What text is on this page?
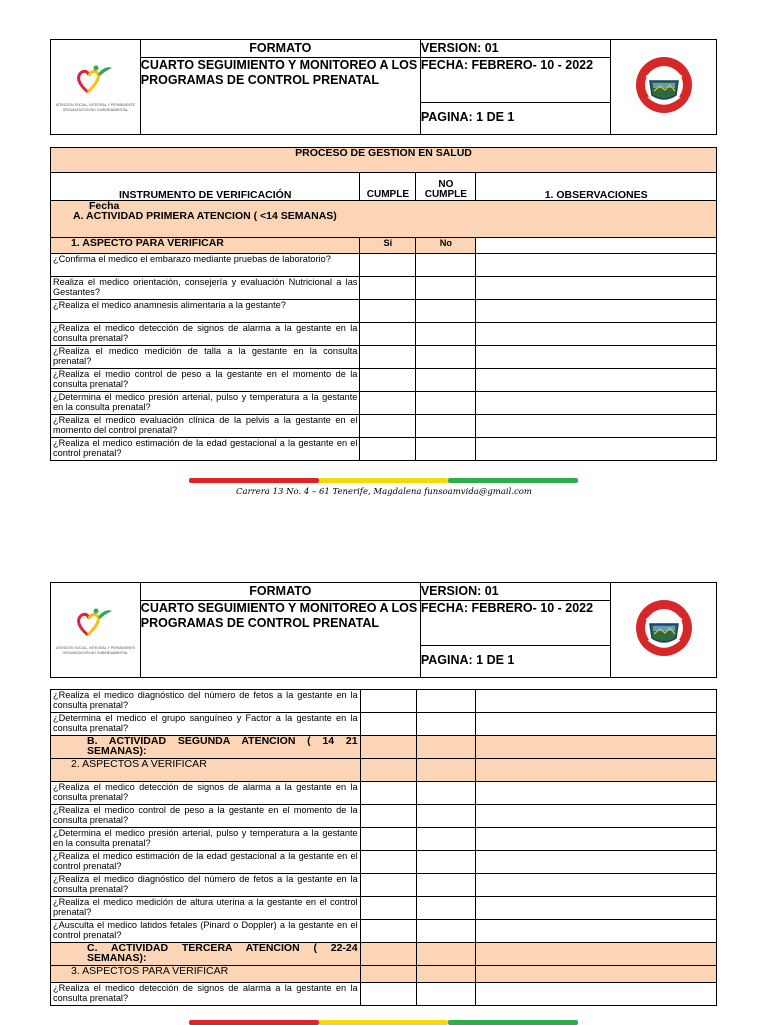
ATENCION SOCIAL, INTEGRAL Y PERMANENTE
ORGANIZACION NO GUBERNAMENTAL	FORMATO	VERSION: 01	
	CUARTO SEGUIMIENTO Y MONITOREO A LOS PROGRAMAS DE CONTROL PRENATAL	FECHA: FEBRERO- 10 - 2022	
		PAGINA: 1 DE 1	
PROCESO DE GESTION EN SALUD			
INSTRUMENTO DE VERIFICACIÓN	CUMPLE	NO CUMPLE	1. OBSERVACIONES

Fecha
A. ACTIVIDAD PRIMERA ATENCION ( <14 SEMANAS)			

1. ASPECTO PARA VERIFICAR	Si	No	
¿Confirma el medico el embarazo mediante pruebas de laboratorio?			
Realiza el medico orientación, consejería y evaluación Nutricional a las Gestantes?			
¿Realiza el medico anamnesis alimentaria a la gestante?			
¿Realiza el medico detección de signos de alarma a la gestante en la consulta prenatal?			
¿Realiza el medico medición de talla a la gestante en la consulta prenatal?			
¿Realiza el medio control de peso a la gestante en el momento de la consulta prenatal?			
¿Determina el medico presión arterial, pulso y temperatura a la gestante en la consulta prenatal?			
¿Realiza el medico evaluación clínica de la pelvis a la gestante en el momento del control prenatal?			
¿Realiza el medico estimación de la edad gestacional a la gestante en el control prenatal?			
Carrera 13 No. 4 – 61 Tenerife, Magdalena funsoamvida@gmail.com
ATENCION SOCIAL, INTEGRAL Y PERMANENTE
ORGANIZACION NO GUBERNAMENTAL	FORMATO	VERSION: 01	
	CUARTO SEGUIMIENTO Y MONITOREO A LOS PROGRAMAS DE CONTROL PRENATAL	FECHA: FEBRERO- 10 - 2022	
		PAGINA: 1 DE 1	
¿Realiza el medico diagnóstico del número de fetos a la gestante en la consulta prenatal?			
¿Determina el medico el grupo sanguíneo y Factor a la gestante en la consulta prenatal?			
B. ACTIVIDAD SEGUNDA ATENCION ( 14 21 SEMANAS):			
2. ASPECTOS A VERIFICAR			
¿Realiza el medico detección de signos de alarma a la gestante en la consulta prenatal?			
¿Realiza el medico control de peso a la gestante en el momento de la consulta prenatal?			
¿Determina el medico presión arterial, pulso y temperatura a la gestante en la consulta prenatal?			
¿Realiza el medico estimación de la edad gestacional a la gestante en el control prenatal?			
¿Realiza el medico diagnóstico del número de fetos a la gestante en la consulta prenatal?			
¿Realiza el medico medición de altura uterina a la gestante en el control prenatal?			
¿Ausculta el medico latidos fetales (Pinard o Doppler) a la gestante en el control prenatal?			
C. ACTIVIDAD TERCERA ATENCION ( 22-24 SEMANAS):			
3. ASPECTOS PARA VERIFICAR			
¿Realiza el medico detección de signos de alarma a la gestante en la consulta prenatal?			
